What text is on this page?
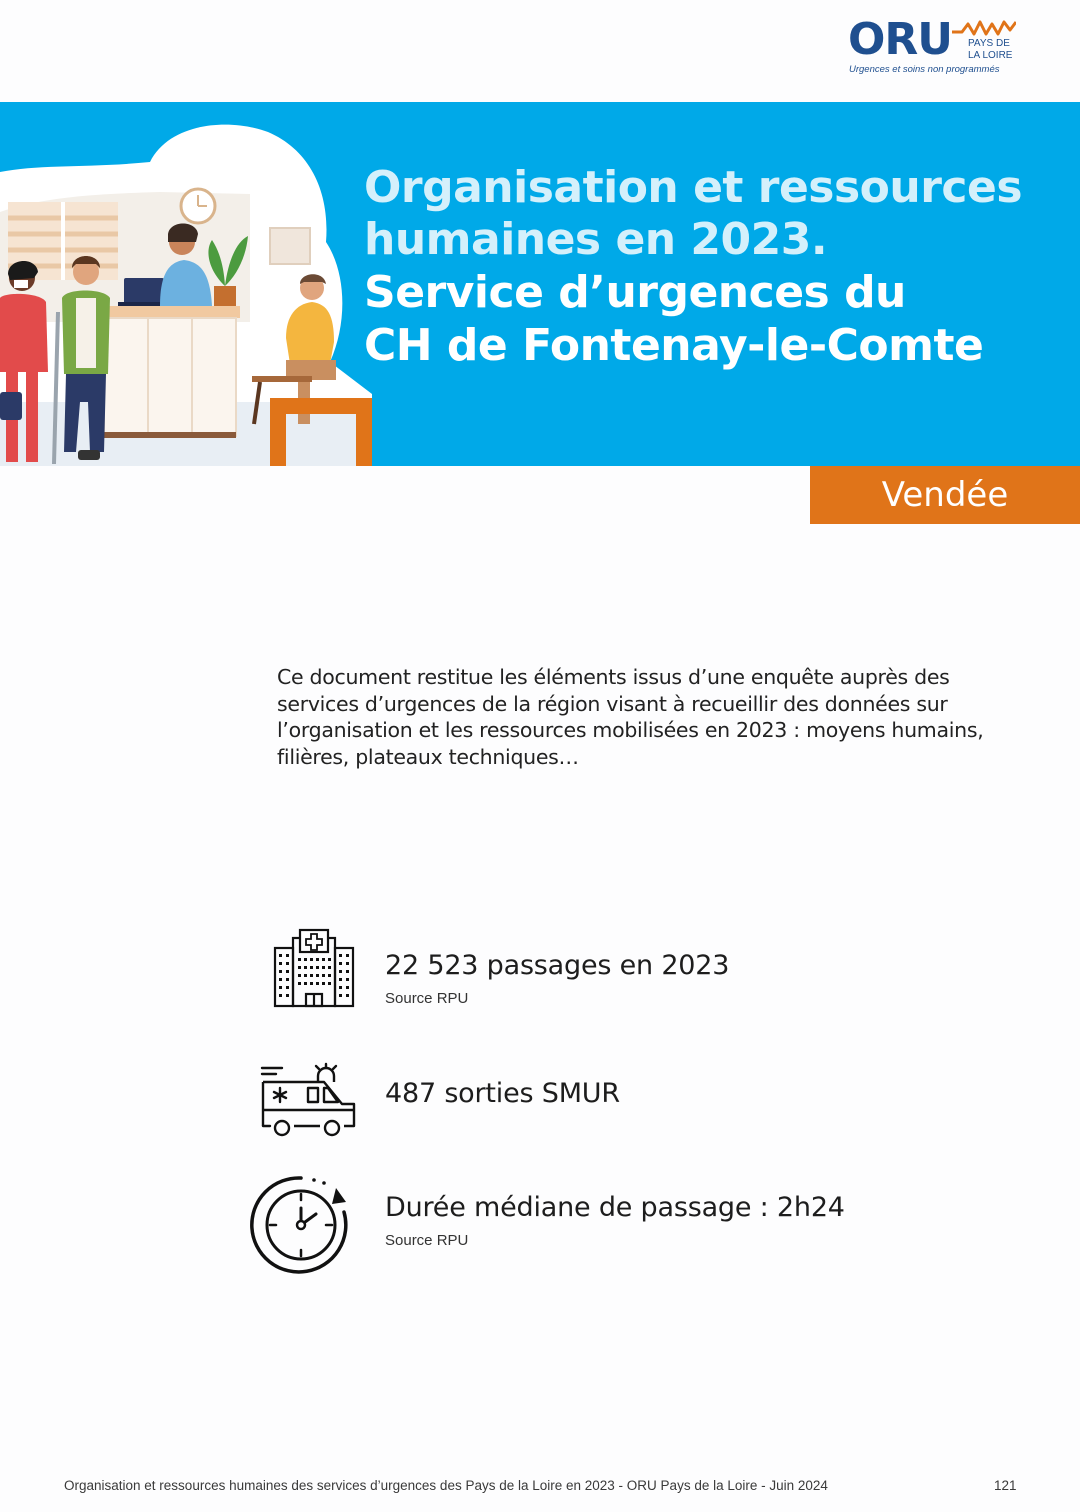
ORU PAYS DE
LA LOIRE
Urgences et soins non programmés
Organisation et ressources
humaines en 2023.
Service d’urgences du
CH de Fontenay-le-Comte
Vendée
Ce document restitue les éléments issus d’une enquête auprès des services d’urgences de la région visant à recueillir des données sur l’organisation et les ressources mobilisées en 2023 : moyens humains, filières, plateaux techniques…
22 523 passages en 2023
Source RPU
487 sorties SMUR
Durée médiane de passage : 2h24
Source RPU
Organisation et ressources humaines des services d’urgences des Pays de la Loire en 2023 - ORU Pays de la Loire - Juin 2024	121
